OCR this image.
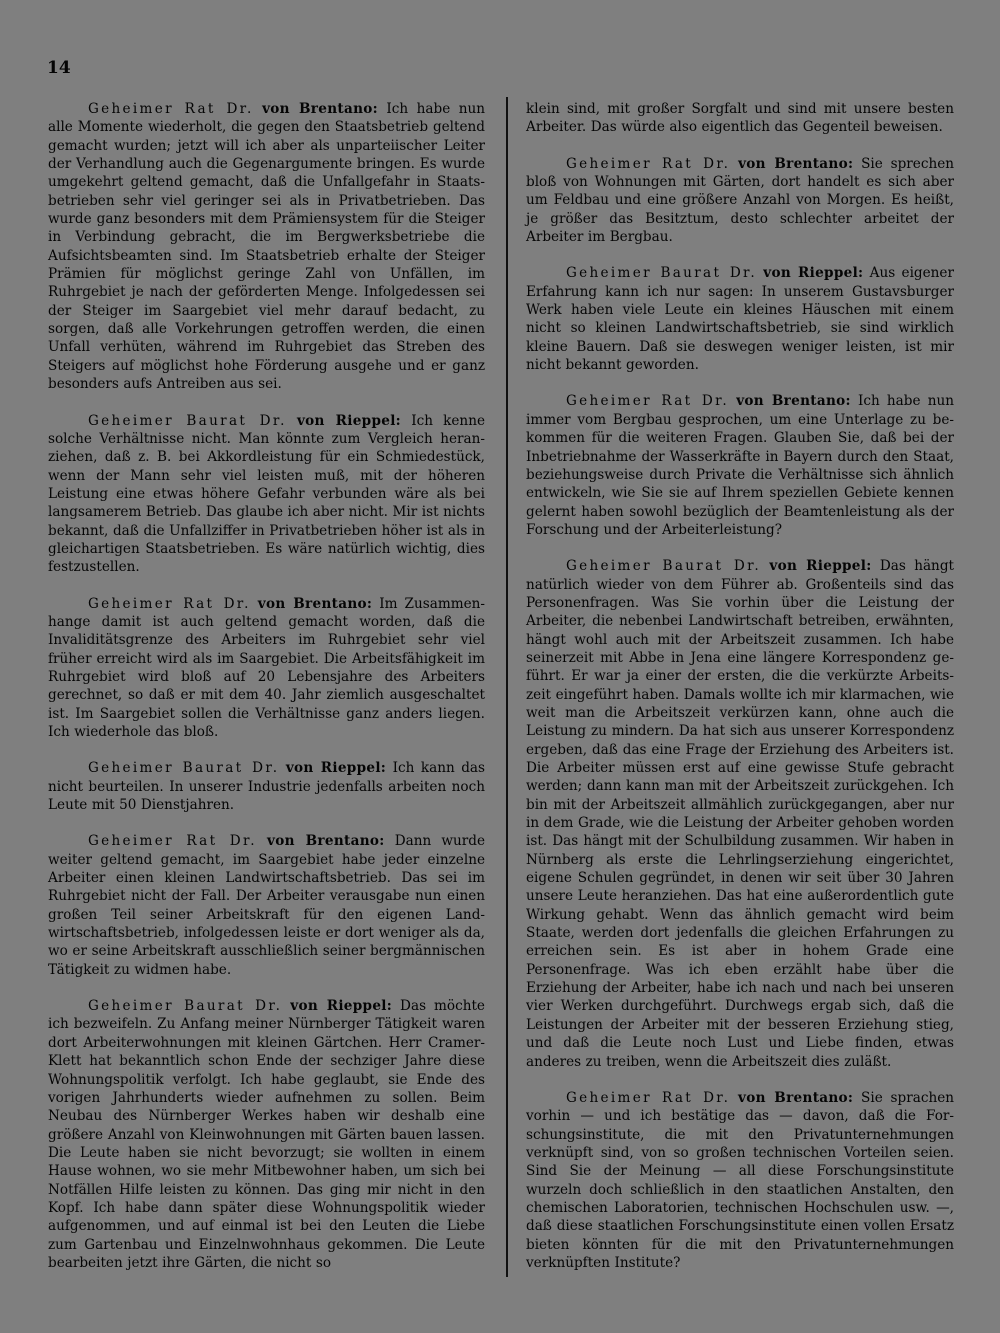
14

Geheimer Rat Dr. von Brentano: Ich habe nun alle Momente wiederholt, die gegen den Staatsbetrieb geltend gemacht wurden; jetzt will ich aber als unparteiischer Leiter der Verhandlung auch die Gegenargumente bringen. Es wurde umgekehrt geltend gemacht, daß die Unfallgefahr in Staatsbetrieben sehr viel geringer sei als in Privatbetrieben. Das wurde ganz besonders mit dem Prämiensystem für die Steiger in Verbindung gebracht, die im Bergwerksbetriebe die Aufsichtsbeamten sind. Im Staatsbetrieb erhalte der Steiger Prämien für möglichst geringe Zahl von Unfällen, im Ruhrgebiet je nach der geförderten Menge. Infolgedessen sei der Steiger im Saargebiet viel mehr darauf bedacht, zu sorgen, daß alle Vorkehrungen getroffen werden, die einen Unfall verhüten, während im Ruhrgebiet das Streben des Steigers auf möglichst hohe Förderung ausgehe und er ganz besonders aufs Antreiben aus sei.

Geheimer Baurat Dr. von Rieppel: Ich kenne solche Verhältnisse nicht. Man könnte zum Vergleich heranziehen, daß z. B. bei Akkordleistung für ein Schmiedestück, wenn der Mann sehr viel leisten muß, mit der höheren Leistung eine etwas höhere Gefahr verbunden wäre als bei langsamerem Betrieb. Das glaube ich aber nicht. Mir ist nichts bekannt, daß die Unfallziffer in Privatbetrieben höher ist als in gleichartigen Staatsbetrieben. Es wäre natürlich wichtig, dies festzustellen.

Geheimer Rat Dr. von Brentano: Im Zusammenhange damit ist auch geltend gemacht worden, daß die Invaliditätsgrenze des Arbeiters im Ruhrgebiet sehr viel früher erreicht wird als im Saargebiet. Die Arbeitsfähigkeit im Ruhrgebiet wird bloß auf 20 Lebensjahre des Arbeiters gerechnet, so daß er mit dem 40. Jahr ziemlich ausgeschaltet ist. Im Saargebiet sollen die Verhältnisse ganz anders liegen. Ich wiederhole das bloß.

Geheimer Baurat Dr. von Rieppel: Ich kann das nicht beurteilen. In unserer Industrie jedenfalls arbeiten noch Leute mit 50 Dienstjahren.

Geheimer Rat Dr. von Brentano: Dann wurde weiter geltend gemacht, im Saargebiet habe jeder einzelne Arbeiter einen kleinen Landwirtschaftsbetrieb. Das sei im Ruhrgebiet nicht der Fall. Der Arbeiter verausgabe nun einen großen Teil seiner Arbeitskraft für den eigenen Landwirtschaftsbetrieb, infolgedessen leiste er dort weniger als da, wo er seine Arbeitskraft ausschließlich seiner bergmännischen Tätigkeit zu widmen habe.

Geheimer Baurat Dr. von Rieppel: Das möchte ich bezweifeln. Zu Anfang meiner Nürnberger Tätigkeit waren dort Arbeiterwohnungen mit kleinen Gärtchen. Herr Cramer-Klett hat bekanntlich schon Ende der sechziger Jahre diese Wohnungspolitik verfolgt. Ich habe geglaubt, sie Ende des vorigen Jahrhunderts wieder aufnehmen zu sollen. Beim Neubau des Nürnberger Werkes haben wir deshalb eine größere Anzahl von Kleinwohnungen mit Gärten bauen lassen. Die Leute haben sie nicht bevorzugt; sie wollten in einem Hause wohnen, wo sie mehr Mitbewohner haben, um sich bei Notfällen Hilfe leisten zu können. Das ging mir nicht in den Kopf. Ich habe dann später diese Wohnungspolitik wieder aufgenommen, und auf einmal ist bei den Leuten die Liebe zum Gartenbau und Einzelnwohnhaus gekommen. Die Leute bearbeiten jetzt ihre Gärten, die nicht so

klein sind, mit großer Sorgfalt und sind mit unsere besten Arbeiter. Das würde also eigentlich das Gegenteil beweisen.

Geheimer Rat Dr. von Brentano: Sie sprechen bloß von Wohnungen mit Gärten, dort handelt es sich aber um Feldbau und eine größere Anzahl von Morgen. Es heißt, je größer das Besitztum, desto schlechter arbeitet der Arbeiter im Bergbau.

Geheimer Baurat Dr. von Rieppel: Aus eigener Erfahrung kann ich nur sagen: In unserem Gustavsburger Werk haben viele Leute ein kleines Häuschen mit einem nicht so kleinen Landwirtschaftsbetrieb, sie sind wirklich kleine Bauern. Daß sie deswegen weniger leisten, ist mir nicht bekannt geworden.

Geheimer Rat Dr. von Brentano: Ich habe nun immer vom Bergbau gesprochen, um eine Unterlage zu bekommen für die weiteren Fragen. Glauben Sie, daß bei der Inbetriebnahme der Wasserkräfte in Bayern durch den Staat, beziehungsweise durch Private die Verhältnisse sich ähnlich entwickeln, wie Sie sie auf Ihrem speziellen Gebiete kennen gelernt haben sowohl bezüglich der Beamtenleistung als der Forschung und der Arbeiterleistung?

Geheimer Baurat Dr. von Rieppel: Das hängt natürlich wieder von dem Führer ab. Großenteils sind das Personenfragen. Was Sie vorhin über die Leistung der Arbeiter, die nebenbei Landwirtschaft betreiben, erwähnten, hängt wohl auch mit der Arbeitszeit zusammen. Ich habe seinerzeit mit Abbe in Jena eine längere Korrespondenz geführt. Er war ja einer der ersten, die die verkürzte Arbeitszeit eingeführt haben. Damals wollte ich mir klarmachen, wie weit man die Arbeitszeit verkürzen kann, ohne auch die Leistung zu mindern. Da hat sich aus unserer Korrespondenz ergeben, daß das eine Frage der Erziehung des Arbeiters ist. Die Arbeiter müssen erst auf eine gewisse Stufe gebracht werden; dann kann man mit der Arbeitszeit zurückgehen. Ich bin mit der Arbeitszeit allmählich zurückgegangen, aber nur in dem Grade, wie die Leistung der Arbeiter gehoben worden ist. Das hängt mit der Schulbildung zusammen. Wir haben in Nürnberg als erste die Lehrlingserziehung eingerichtet, eigene Schulen gegründet, in denen wir seit über 30 Jahren unsere Leute heranziehen. Das hat eine außerordentlich gute Wirkung gehabt. Wenn das ähnlich gemacht wird beim Staate, werden dort jedenfalls die gleichen Erfahrungen zu erreichen sein. Es ist aber in hohem Grade eine Personenfrage. Was ich eben erzählt habe über die Erziehung der Arbeiter, habe ich nach und nach bei unseren vier Werken durchgeführt. Durchwegs ergab sich, daß die Leistungen der Arbeiter mit der besseren Erziehung stieg, und daß die Leute noch Lust und Liebe finden, etwas anderes zu treiben, wenn die Arbeitszeit dies zuläßt.

Geheimer Rat Dr. von Brentano: Sie sprachen vorhin — und ich bestätige das — davon, daß die Forschungsinstitute, die mit den Privatunternehmungen verknüpft sind, von so großen technischen Vorteilen seien. Sind Sie der Meinung — all diese Forschungsinstitute wurzeln doch schließlich in den staatlichen Anstalten, den chemischen Laboratorien, technischen Hochschulen usw. —, daß diese staatlichen Forschungsinstitute einen vollen Ersatz bieten könnten für die mit den Privatunternehmungen verknüpften Institute?
